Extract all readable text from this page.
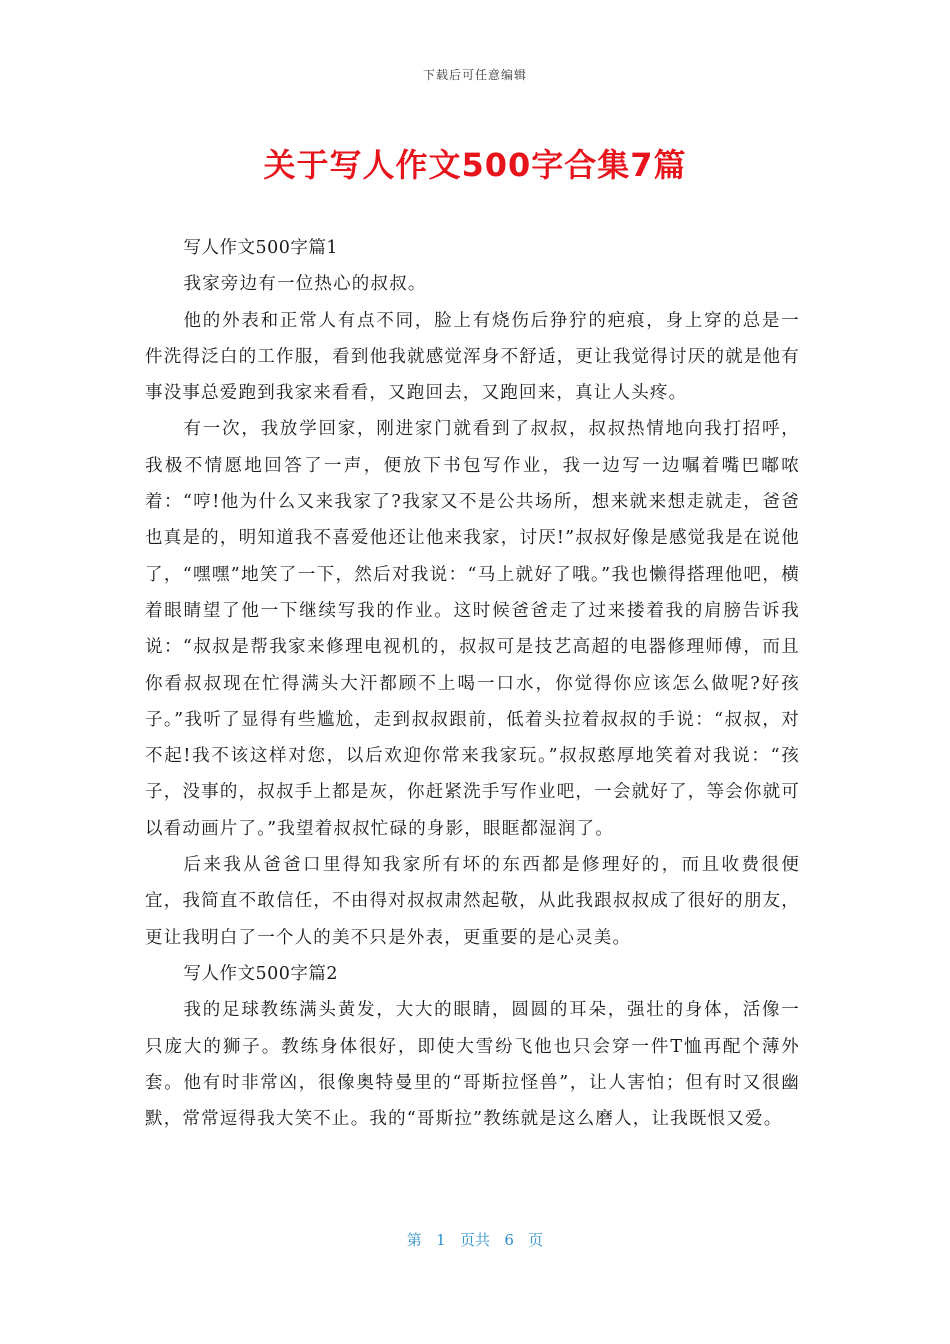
下载后可任意编辑
关于写人作文500字合集7篇

写人作文500字篇1

我家旁边有一位热心的叔叔。

他的外表和正常人有点不同，脸上有烧伤后狰狞的疤痕，身上穿的总是一件洗得泛白的工作服，看到他我就感觉浑身不舒适，更让我觉得讨厌的就是他有事没事总爱跑到我家来看看，又跑回去，又跑回来，真让人头疼。

有一次，我放学回家，刚进家门就看到了叔叔，叔叔热情地向我打招呼，我极不情愿地回答了一声，便放下书包写作业，我一边写一边嘱着嘴巴嘟哝着：“哼!他为什么又来我家了?我家又不是公共场所，想来就来想走就走，爸爸也真是的，明知道我不喜爱他还让他来我家，讨厌!”叔叔好像是感觉我是在说他了，“嘿嘿”地笑了一下，然后对我说：“马上就好了哦。”我也懒得搭理他吧，横着眼睛望了他一下继续写我的作业。这时候爸爸走了过来搂着我的肩膀告诉我说：“叔叔是帮我家来修理电视机的，叔叔可是技艺高超的电器修理师傅，而且你看叔叔现在忙得满头大汗都顾不上喝一口水，你觉得你应该怎么做呢?好孩子。”我听了显得有些尴尬，走到叔叔跟前，低着头拉着叔叔的手说：“叔叔，对不起!我不该这样对您，以后欢迎你常来我家玩。”叔叔憨厚地笑着对我说：“孩子，没事的，叔叔手上都是灰，你赶紧洗手写作业吧，一会就好了，等会你就可以看动画片了。”我望着叔叔忙碌的身影，眼眶都湿润了。

后来我从爸爸口里得知我家所有坏的东西都是修理好的，而且收费很便宜，我简直不敢信任，不由得对叔叔肃然起敬，从此我跟叔叔成了很好的朋友，更让我明白了一个人的美不只是外表，更重要的是心灵美。

写人作文500字篇2

我的足球教练满头黄发，大大的眼睛，圆圆的耳朵，强壮的身体，活像一只庞大的狮子。教练身体很好，即使大雪纷飞他也只会穿一件T恤再配个薄外套。他有时非常凶，很像奥特曼里的“哥斯拉怪兽”，让人害怕；但有时又很幽默，常常逗得我大笑不止。我的“哥斯拉”教练就是这么磨人，让我既恨又爱。

第 1 页共 6 页
